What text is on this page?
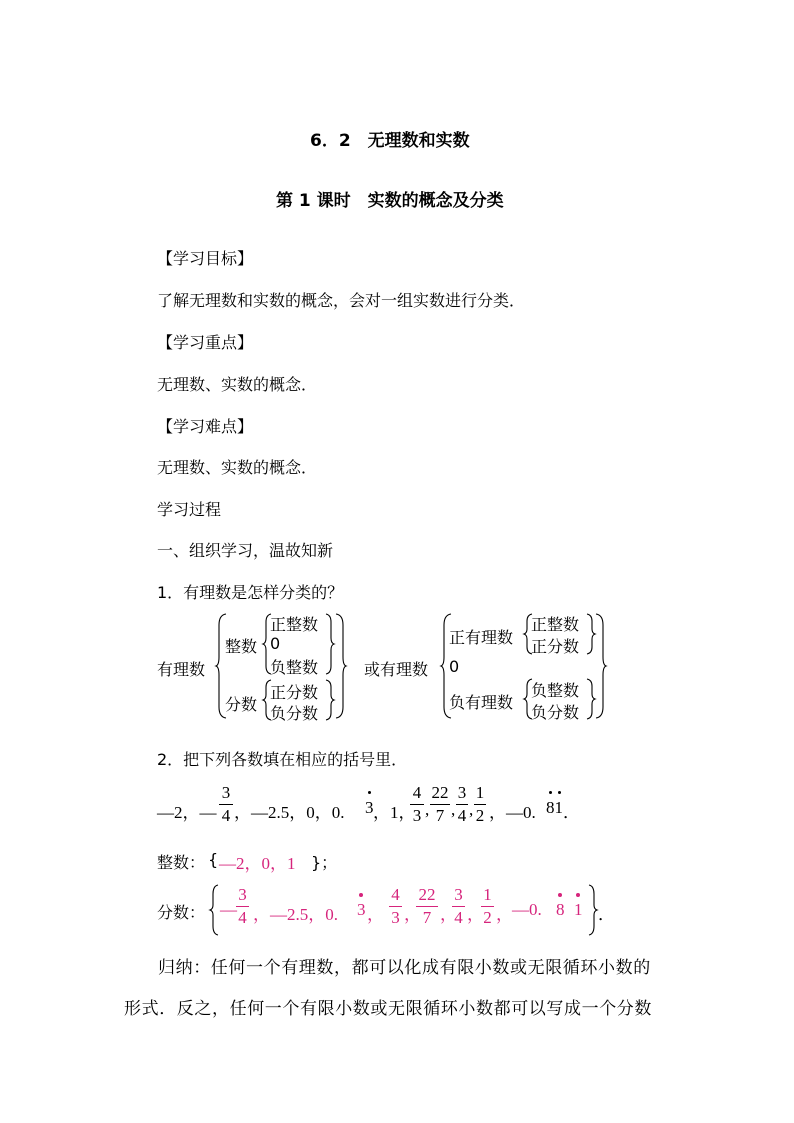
6．2　无理数和实数
第 1 课时　实数的概念及分类
【学习目标】
了解无理数和实数的概念，会对一组实数进行分类．
【学习重点】
无理数、实数的概念．
【学习难点】
无理数、实数的概念．
学习过程
一、组织学习，温故知新
1．有理数是怎样分类的？
有理数
整数
正整数
0
负整数
分数
正分数
负分数
或有理数
正有理数
正整数
正分数
0
负有理数
负整数
负分数
2．把下列各数填在相应的括号里．
—2，—
3
4 ，—2.5，0，0. 3 ，1，
4
3 ,
22
7 ,
3
4 ,
1
2 ，—0. 81 ．
整数： { —2，0，1 }；
分数： —
3
4 ，—2.5，0. 3 ，
4
3 ，
22
7 ，
3
4 ，
1
2 ， —0. 8 1 ．
归纳：任何一个有理数，都可以化成有限小数或无限循环小数的
形式．反之，任何一个有限小数或无限循环小数都可以写成一个分数
